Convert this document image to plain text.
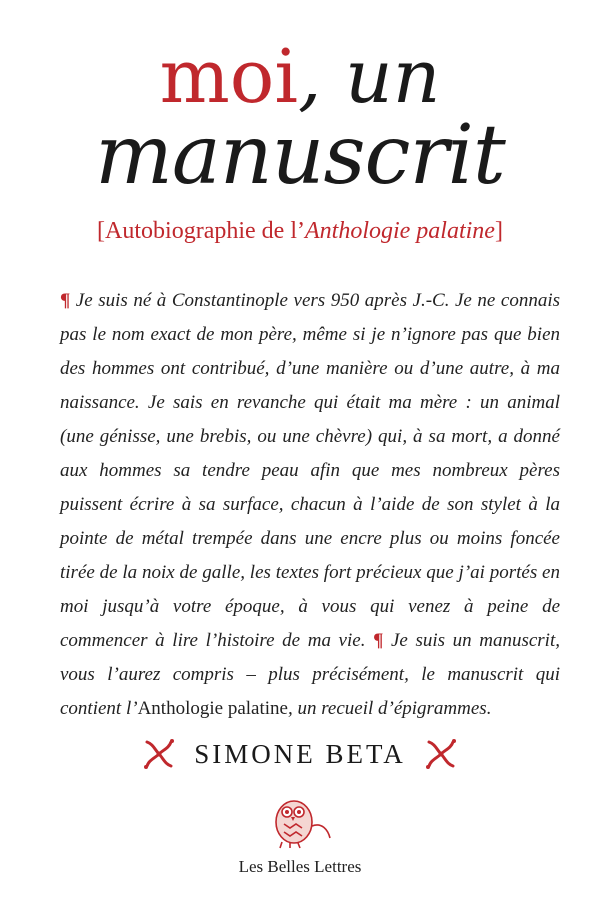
moi, un
manuscrit
[Autobiographie de l’Anthologie palatine]
¶ Je suis né à Constantinople vers 950 après J.-C. Je ne connais pas le nom exact de mon père, même si je n’ignore pas que bien des hommes ont contribué, d’une manière ou d’une autre, à ma naissance. Je sais en revanche qui était ma mère : un animal (une génisse, une brebis, ou une chèvre) qui, à sa mort, a donné aux hommes sa tendre peau afin que mes nombreux pères puissent écrire à sa surface, chacun à l’aide de son stylet à la pointe de métal trempée dans une encre plus ou moins foncée tirée de la noix de galle, les textes fort précieux que j’ai portés en moi jusqu’à votre époque, à vous qui venez à peine de commencer à lire l’histoire de ma vie. ¶ Je suis un manuscrit, vous l’aurez compris – plus précisément, le manuscrit qui contient l’Anthologie palatine, un recueil d’épigrammes.
SIMONE BETA
Les Belles Lettres
